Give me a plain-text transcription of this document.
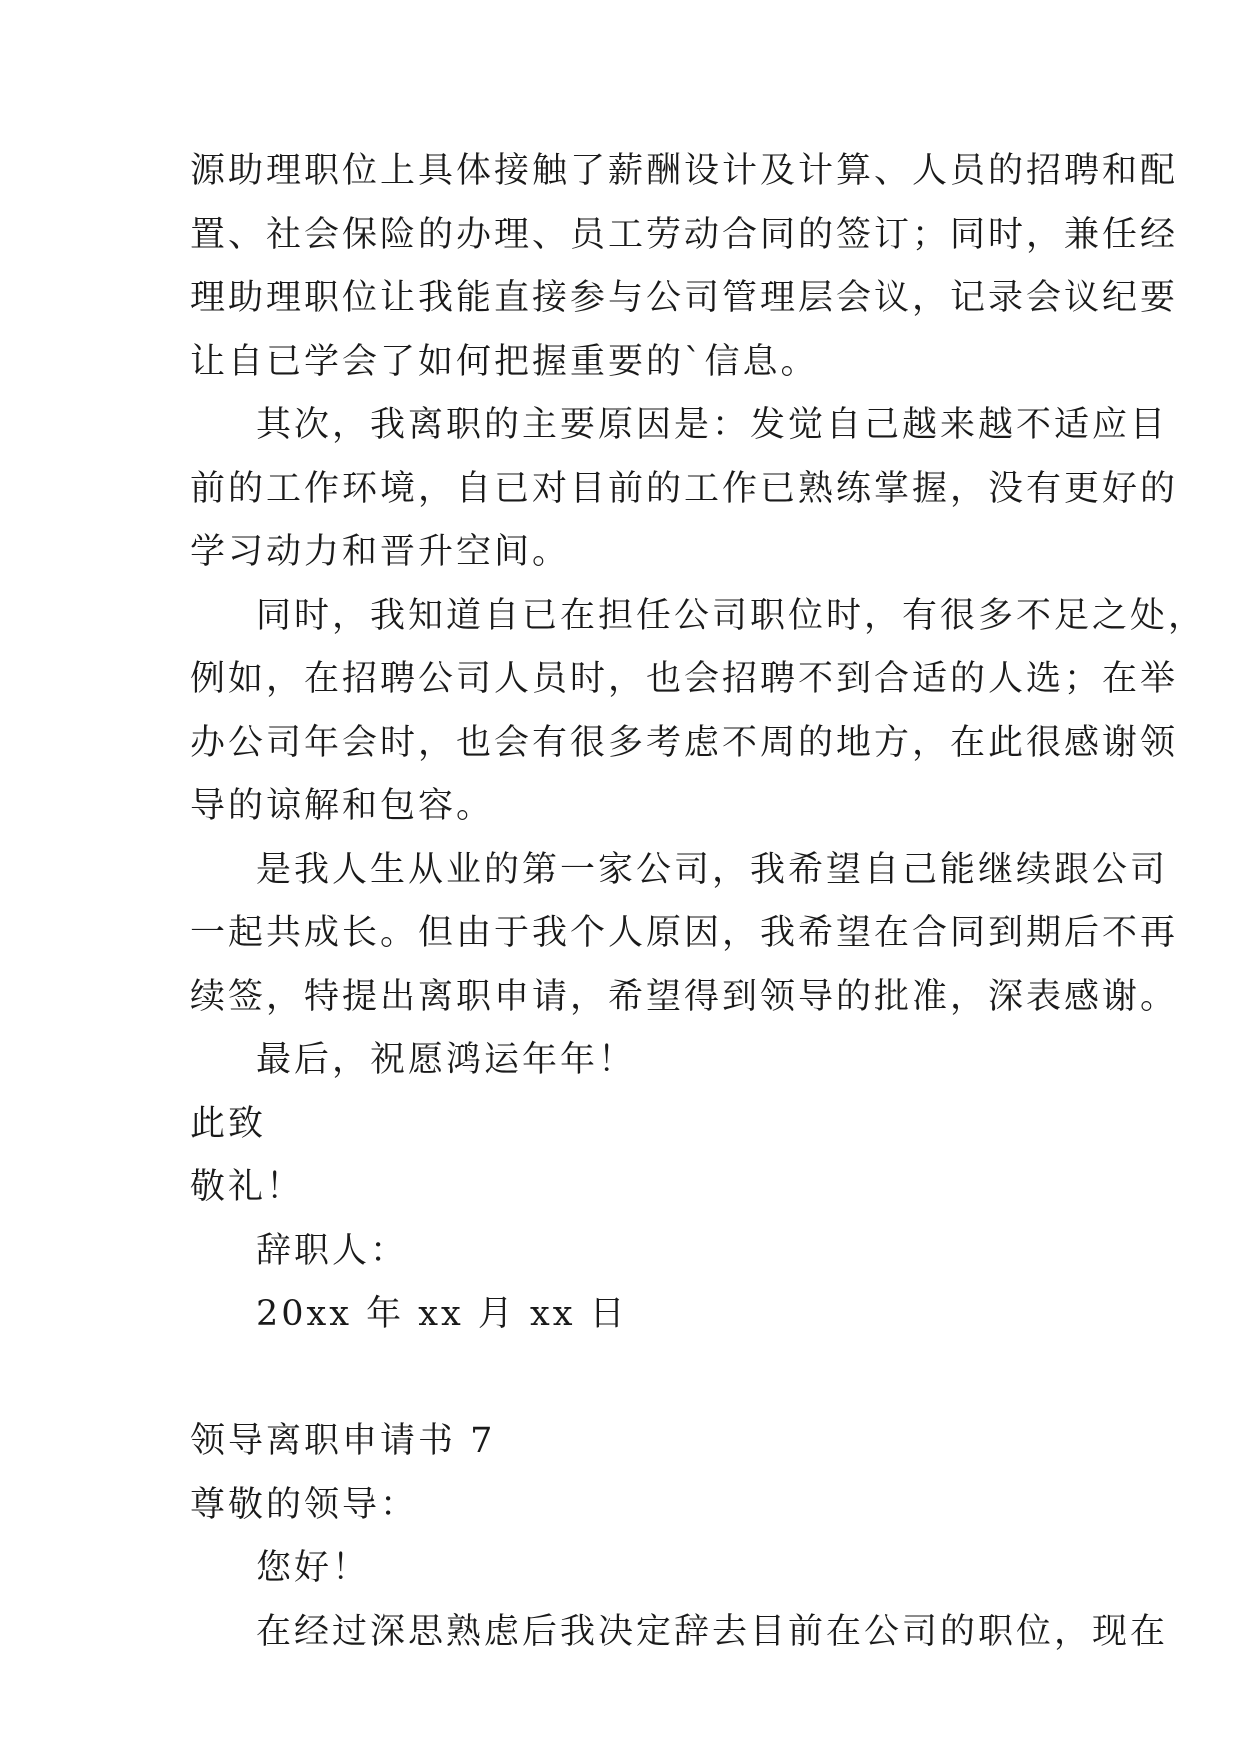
源助理职位上具体接触了薪酬设计及计算、人员的招聘和配
置、社会保险的办理、员工劳动合同的签订；同时，兼任经
理助理职位让我能直接参与公司管理层会议，记录会议纪要
让自已学会了如何把握重要的`信息。
其次，我离职的主要原因是：发觉自己越来越不适应目
前的工作环境，自已对目前的工作已熟练掌握，没有更好的
学习动力和晋升空间。
同时，我知道自已在担任公司职位时，有很多不足之处，
例如，在招聘公司人员时，也会招聘不到合适的人选；在举
办公司年会时，也会有很多考虑不周的地方，在此很感谢领
导的谅解和包容。
是我人生从业的第一家公司，我希望自己能继续跟公司
一起共成长。但由于我个人原因，我希望在合同到期后不再
续签，特提出离职申请，希望得到领导的批准，深表感谢。
最后，祝愿鸿运年年！
此致
敬礼！
辞职人：
20xx 年 xx 月 xx 日
领导离职申请书 7
尊敬的领导：
您好！
在经过深思熟虑后我决定辞去目前在公司的职位，现在
